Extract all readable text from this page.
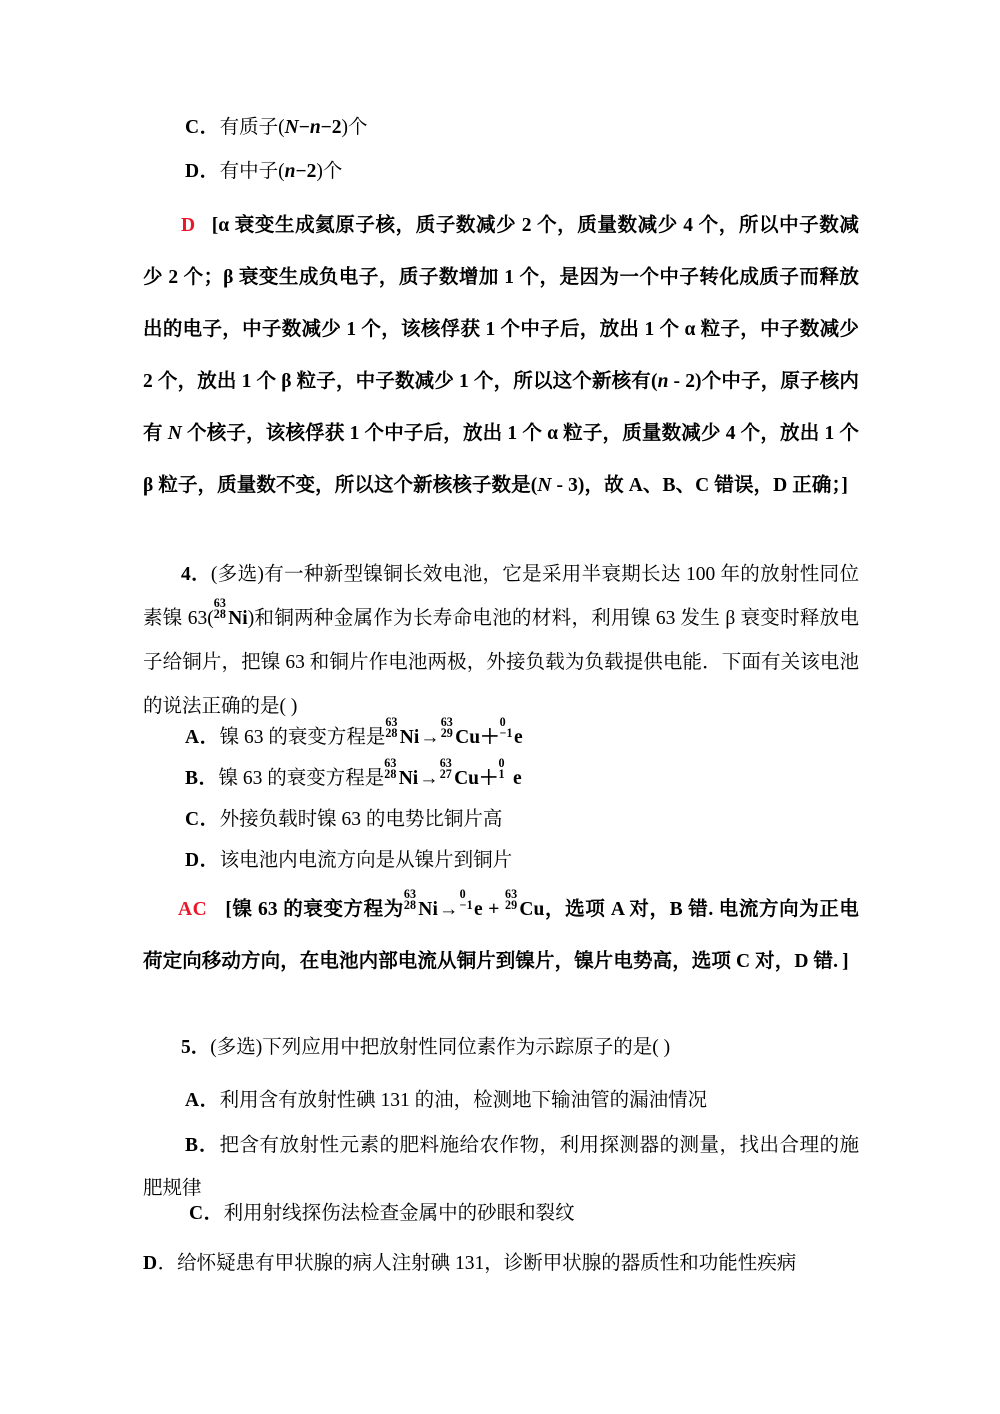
C．有质子(N−n−2)个
D．有中子(n−2)个
D [α 衰变生成氦原子核，质子数减少 2 个，质量数减少 4 个，所以中子数减少 2 个；β 衰变生成负电子，质子数增加 1 个，是因为一个中子转化成质子而释放出的电子，中子数减少 1 个，该核俘获 1 个中子后，放出 1 个 α 粒子，中子数减少 2 个，放出 1 个 β 粒子，中子数减少 1 个，所以这个新核有(n - 2)个中子，原子核内有 N 个核子，该核俘获 1 个中子后，放出 1 个 α 粒子，质量数减少 4 个，放出 1 个 β 粒子，质量数不变，所以这个新核核子数是(N - 3)，故 A、B、C 错误，D 正确；]
4．(多选)有一种新型镍铜长效电池，它是采用半衰期长达 100 年的放射性同位素镍 63(
63
28 Ni)和铜两种金属作为长寿命电池的材料，利用镍 63 发生 β 衰变时释放电子给铜片，把镍 63 和铜片作电池两极，外接负载为负载提供电能．下面有关该电池的说法正确的是( )
A．镍 63 的衰变方程是
63
28 Ni→
63
29 Cu＋
0
−1 e
B．镍 63 的衰变方程是
63
28 Ni→
63
27 Cu＋
0
1 e
C．外接负载时镍 63 的电势比铜片高
D．该电池内电流方向是从镍片到铜片
AC [镍 63 的衰变方程为
63
28 Ni→
0
−1 e +
63
29 Cu，选项 A 对，B 错. 电流方向为正电荷定向移动方向，在电池内部电流从铜片到镍片，镍片电势高，选项 C 对，D 错. ]
5．(多选)下列应用中把放射性同位素作为示踪原子的是( )
A．利用含有放射性碘 131 的油，检测地下输油管的漏油情况
B．把含有放射性元素的肥料施给农作物，利用探测器的测量，找出合理的施肥规律
C．利用射线探伤法检查金属中的砂眼和裂纹
D．给怀疑患有甲状腺的病人注射碘 131，诊断甲状腺的器质性和功能性疾病
